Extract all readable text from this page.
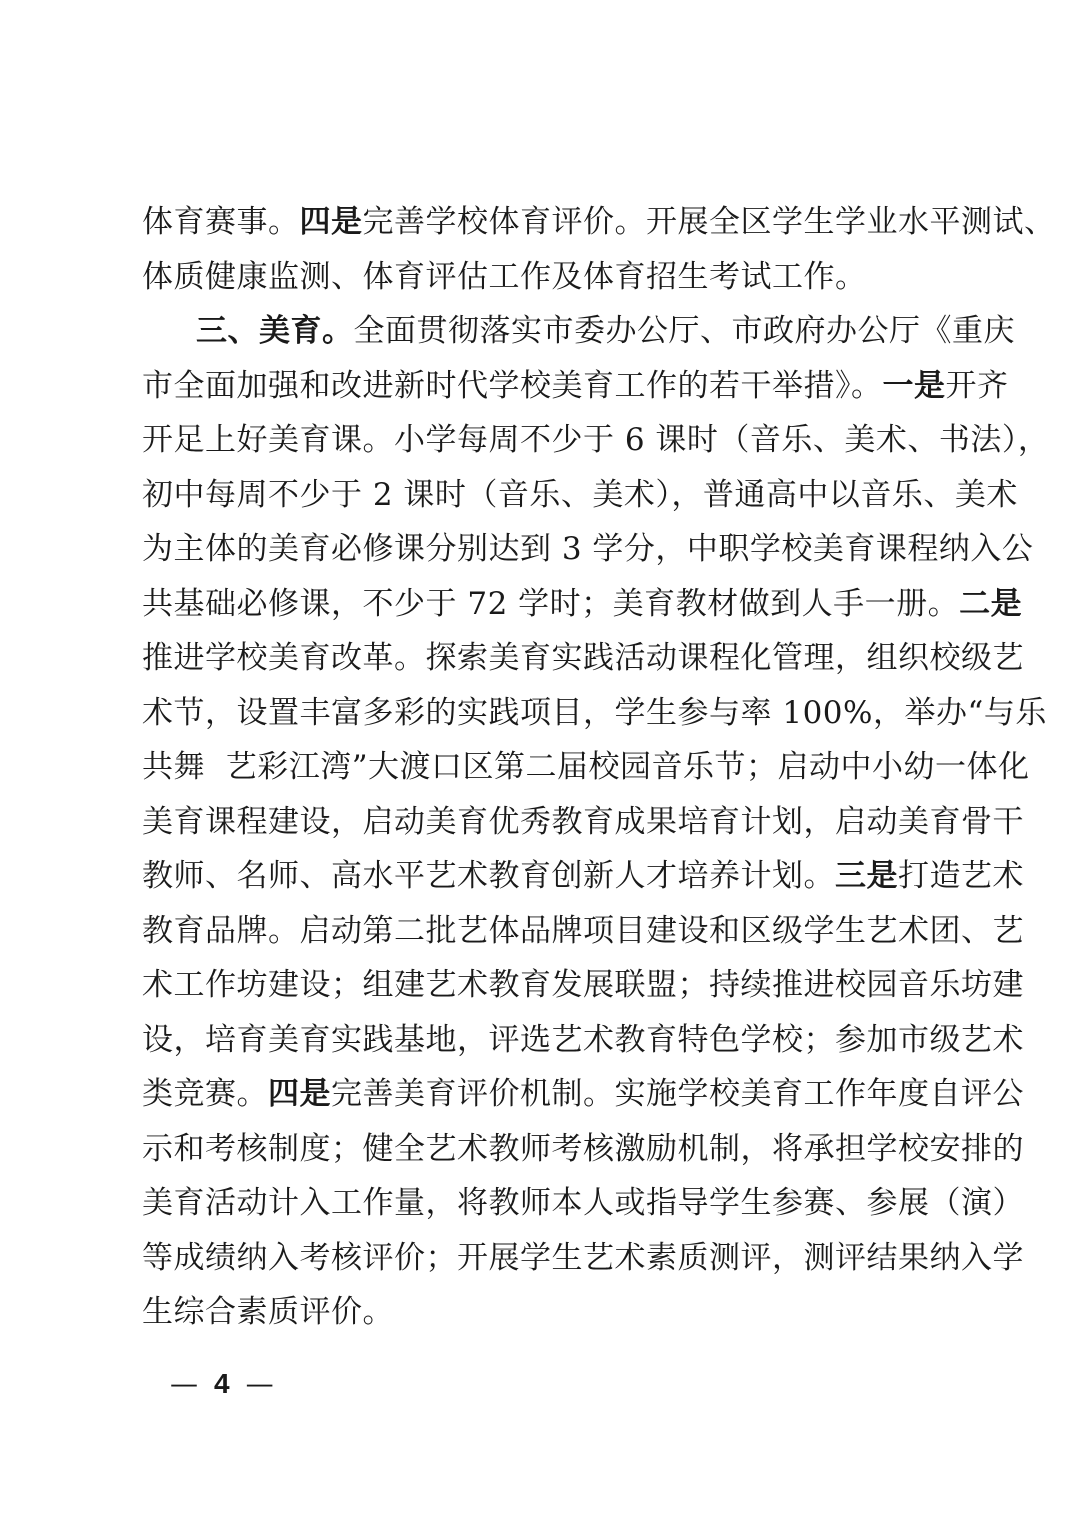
体育赛事。四是完善学校体育评价。开展全区学生学业水平测试、
体质健康监测、体育评估工作及体育招生考试工作。
三、美育。全面贯彻落实市委办公厅、市政府办公厅《重庆
市全面加强和改进新时代学校美育工作的若干举措》。一是开齐
开足上好美育课。小学每周不少于 6 课时（音乐、美术、书法），
初中每周不少于 2 课时（音乐、美术），普通高中以音乐、美术
为主体的美育必修课分别达到 3 学分，中职学校美育课程纳入公
共基础必修课，不少于 72 学时；美育教材做到人手一册。二是
推进学校美育改革。探索美育实践活动课程化管理，组织校级艺
术节，设置丰富多彩的实践项目，学生参与率 100%，举办“与乐
共舞  艺彩江湾”大渡口区第二届校园音乐节；启动中小幼一体化
美育课程建设，启动美育优秀教育成果培育计划，启动美育骨干
教师、名师、高水平艺术教育创新人才培养计划。三是打造艺术
教育品牌。启动第二批艺体品牌项目建设和区级学生艺术团、艺
术工作坊建设；组建艺术教育发展联盟；持续推进校园音乐坊建
设，培育美育实践基地，评选艺术教育特色学校；参加市级艺术
类竞赛。四是完善美育评价机制。实施学校美育工作年度自评公
示和考核制度；健全艺术教师考核激励机制，将承担学校安排的
美育活动计入工作量，将教师本人或指导学生参赛、参展（演）
等成绩纳入考核评价；开展学生艺术素质测评，测评结果纳入学
生综合素质评价。
— 4 —
